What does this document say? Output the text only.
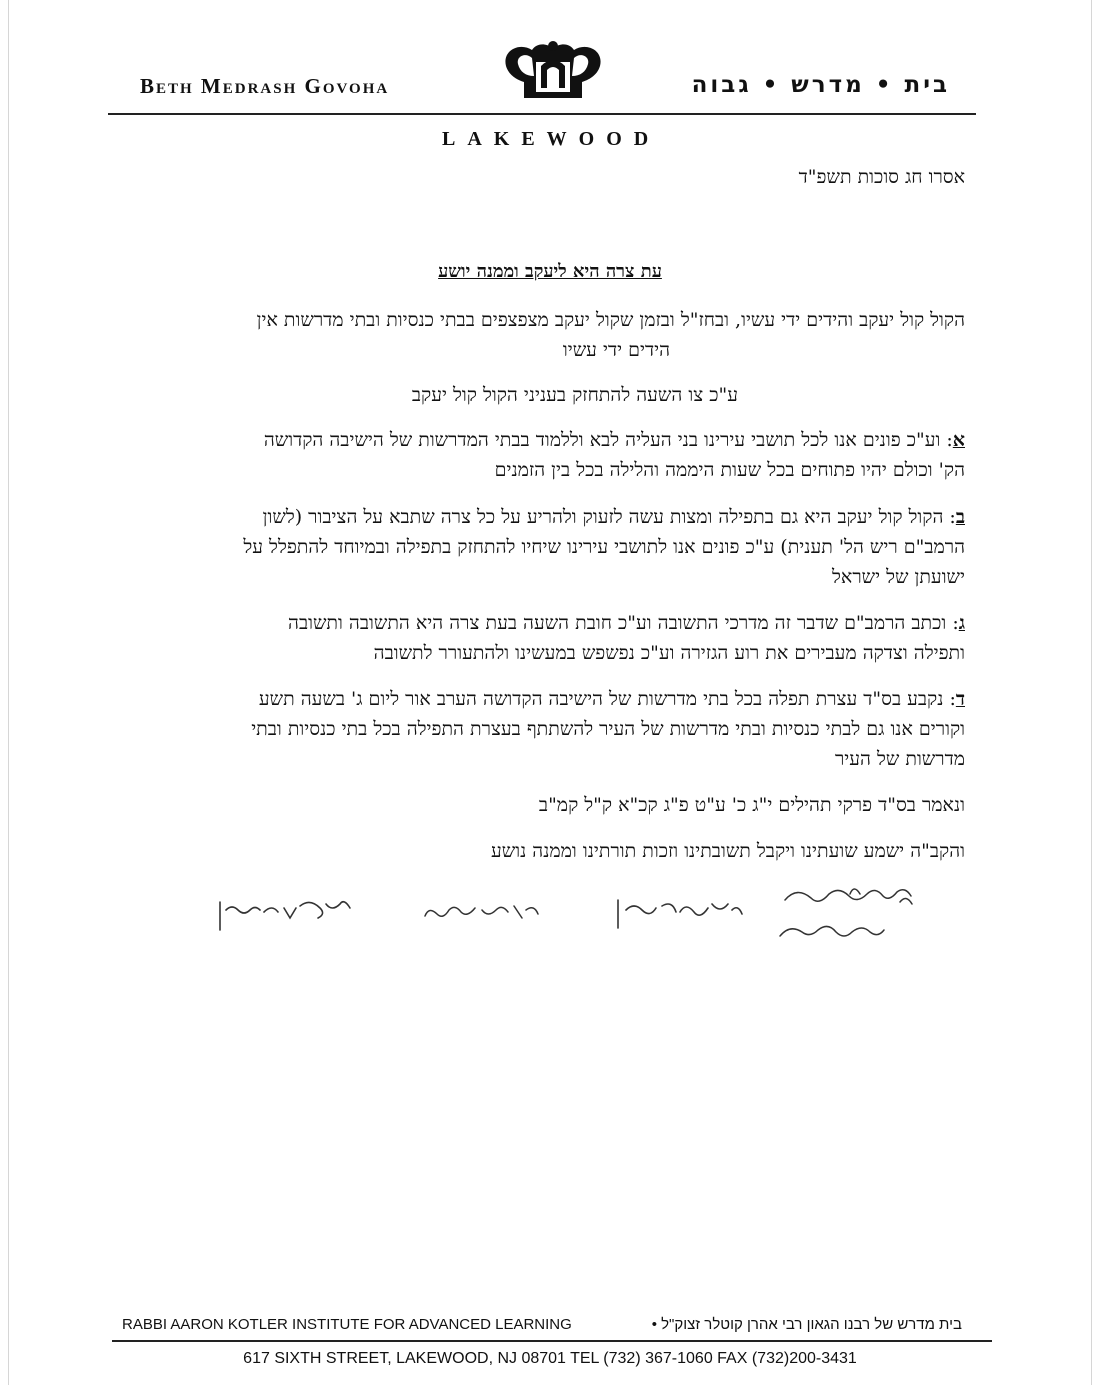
Beth Medrash Govoha	בית • מדרש • גבוה
LAKEWOOD
אסרו חג סוכות תשפ"ד
עת צרה היא ליעקב וממנה יושע
הקול קול יעקב והידים ידי עשיו, ובחז"ל ובזמן שקול יעקב מצפצפים בבתי כנסיות ובתי מדרשות אין
הידים ידי עשיו
ע"כ צו השעה להתחזק בעניני הקול קול יעקב
א: וע"כ פונים אנו לכל תושבי עירינו בני העליה לבא וללמוד בבתי המדרשות של הישיבה הקדושה
הק' וכולם יהיו פתוחים בכל שעות היממה והלילה בכל בין הזמנים
ב: הקול קול יעקב היא גם בתפילה ומצות עשה לזעוק ולהריע על כל צרה שתבא על הציבור (לשון
הרמב"ם ריש הל' תענית) ע"כ פונים אנו לתושבי עירינו שיחיו להתחזק בתפילה ובמיוחד להתפלל על
ישועתן של ישראל
ג: וכתב הרמב"ם שדבר זה מדרכי התשובה וע"כ חובת השעה בעת צרה היא התשובה ותשובה
ותפילה וצדקה מעבירים את רוע הגזירה וע"כ נפשפש במעשינו ולהתעורר לתשובה
ד: נקבע בס"ד עצרת תפלה בכל בתי מדרשות של הישיבה הקדושה הערב אור ליום ג' בשעה תשע
וקורים אנו גם לבתי כנסיות ובתי מדרשות של העיר להשתתף בעצרת התפילה בכל בתי כנסיות ובתי
מדרשות של העיר
ונאמר בס"ד פרקי תהילים י"ג כ' ע"ט פ"ג קכ"א ק"ל קמ"ב
והקב"ה ישמע שועתינו ויקבל תשובתינו וזכות תורתינו וממנה נושע
RABBI AARON KOTLER INSTITUTE FOR ADVANCED LEARNING	בית מדרש של רבנו הגאון רבי אהרן קוטלר זצוק"ל •
617 SIXTH STREET, LAKEWOOD, NJ 08701 TEL (732) 367-1060 FAX (732)200-3431
